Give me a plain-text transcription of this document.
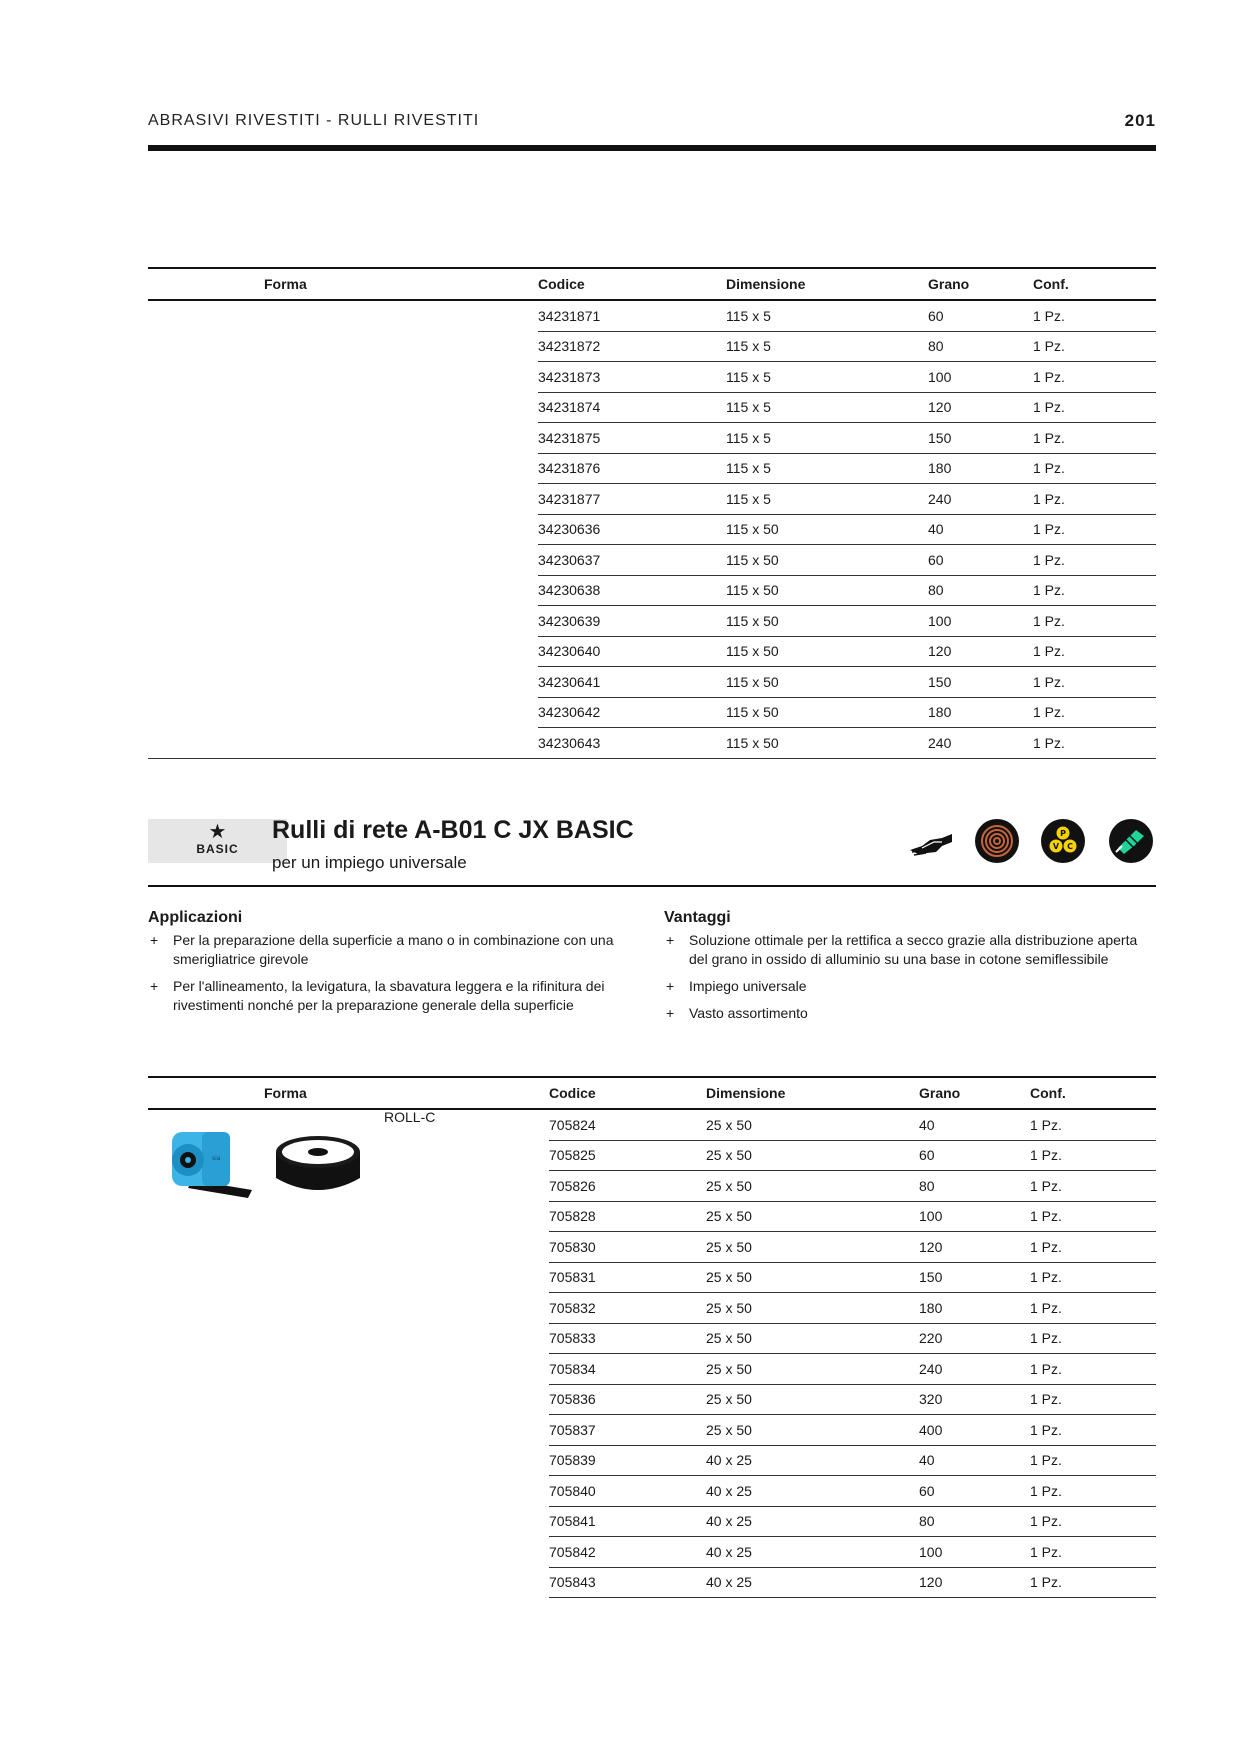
ABRASIVI RIVESTITI - RULLI RIVESTITI	201
Forma	Codice	Dimensione	Grano	Conf.
	34231871	115 x 5	60	1 Pz.
	34231872	115 x 5	80	1 Pz.
	34231873	115 x 5	100	1 Pz.
	34231874	115 x 5	120	1 Pz.
	34231875	115 x 5	150	1 Pz.
	34231876	115 x 5	180	1 Pz.
	34231877	115 x 5	240	1 Pz.
	34230636	115 x 50	40	1 Pz.
	34230637	115 x 50	60	1 Pz.
	34230638	115 x 50	80	1 Pz.
	34230639	115 x 50	100	1 Pz.
	34230640	115 x 50	120	1 Pz.
	34230641	115 x 50	150	1 Pz.
	34230642	115 x 50	180	1 Pz.
	34230643	115 x 50	240	1 Pz.
★
BASIC
Rulli di rete A-B01 C JX BASIC
per un impiego universale
P
V C
Applicazioni
+ Per la preparazione della superficie a mano o in combinazione con una smerigliatrice girevole
+ Per l'allineamento, la levigatura, la sbavatura leggera e la rifinitura dei rivestimenti nonché per la preparazione generale della superficie
Vantaggi
+ Soluzione ottimale per la rettifica a secco grazie alla distribuzione aperta del grano in ossido di alluminio su una base in cotone semiflessibile
+ Impiego universale
+ Vasto assortimento
Forma	Codice	Dimensione	Grano	Conf.
	705824	25 x 50	40	1 Pz.
	705825	25 x 50	60	1 Pz.
	705826	25 x 50	80	1 Pz.
	705828	25 x 50	100	1 Pz.
	705830	25 x 50	120	1 Pz.
	705831	25 x 50	150	1 Pz.
	705832	25 x 50	180	1 Pz.
	705833	25 x 50	220	1 Pz.
	705834	25 x 50	240	1 Pz.
	705836	25 x 50	320	1 Pz.
	705837	25 x 50	400	1 Pz.
	705839	40 x 25	40	1 Pz.
	705840	40 x 25	60	1 Pz.
	705841	40 x 25	80	1 Pz.
	705842	40 x 25	100	1 Pz.
	705843	40 x 25	120	1 Pz.
sia
ROLL-C
